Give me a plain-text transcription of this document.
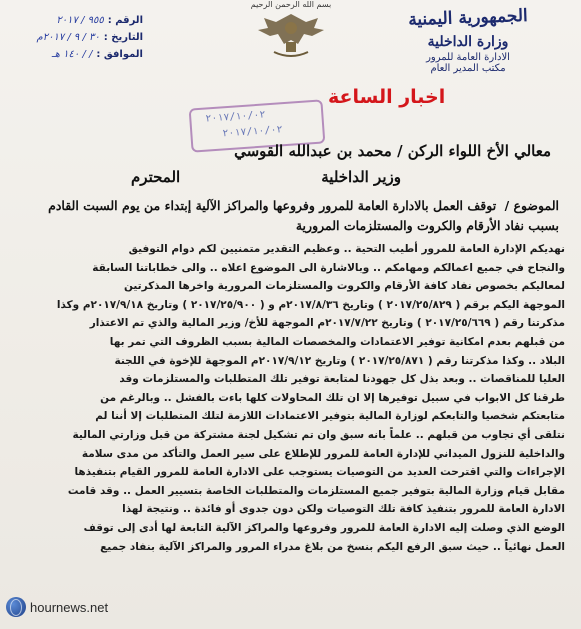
الجمهورية اليمنية
وزارة الداخلية
الادارة العامة للمرور
مكتب المدير العام
بسم الله الرحمن الرحيم
الرقم :
٩٥٥ / ٢٠١٧
التاريخ :
٣٠ / ٩ / ٢٠١٧م
الموافق :
/ / ١٤٠ هـ
اخبار الساعة
٢٠١٧/١٠/٠٢
٢٠١٧/١٠/٠٢
معالي الأخ اللواء الركن / محمد بن عبدالله القوسي
وزير الداخلية
المحترم
الموضوع / توقف العمل بالادارة العامة للمرور وفروعها والمراكز الآلية إبتداء من يوم السبت القادم بسبب نفاد الأرقام والكروت والمستلزمات المرورية

نهديكم الإدارة العامة للمرور أطيب التحية .. وعظيم التقدير متمنيين لكم دوام التوفيق

والنجاح في جميع اعمالكم ومهامكم .. وبالاشارة الى الموضوع اعلاه .. والى خطاباتنا السابقة

لمعاليكم بخصوص نفاد كافة الأرقام والكروت والمستلزمات المرورية واخرها المذكرتين

الموجهة اليكم برقم ( ٢٠١٧/٢٥/٨٢٩ ) وتاريخ ٢٠١٧/٨/٣٦م و ( ٢٠١٧/٢٥/٩٠٠ ) وتاريخ ٢٠١٧/٩/١٨م وكذا

مذكرتنا رقم ( ٢٠١٧/٢٥/٦٦٩ ) وتاريخ ٢٠١٧/٧/٢٢م الموجهة للأخ/ وزير المالية والذي تم الاعتذار

من قبلهم بعدم امكانية توفير الاعتمادات والمخصصات المالية بسبب الظروف التي تمر بها

البلاد .. وكذا مذكرتنا رقم ( ٢٠١٧/٢٥/٨٧١ ) وتاريخ ٢٠١٧/٩/١٢م الموجهة للإخوة في اللجنة

العليا للمناقصات .. وبعد بذل كل جهودنا لمتابعة توفير تلك المتطلبات والمستلزمات وقد

طرقنا كل الابواب في سبيل توفيرها إلا ان تلك المحاولات كلها باءت بالفشل .. وبالرغم من

متابعتكم شخصيا والتابعكم لوزارة المالية بتوفير الاعتمادات اللازمة لتلك المتطلبات إلا أننا لم

نتلقى أي تجاوب من قبلهم .. علماً بانه سبق وان تم تشكيل لجنة مشتركة من قبل وزارتي المالية

والداخلية للنزول الميداني للإدارة العامة للمرور للإطلاع على سير العمل والتأكد من مدى سلامة

الإجراءات والتي اقترحت العديد من التوصيات يستوجب على الادارة العامة للمرور القيام بتنفيذها

مقابل قيام وزارة المالية بتوفير جميع المستلزمات والمتطلبات الخاصة بتسيير العمل .. وقد قامت

الادارة العامة للمرور بتنفيذ كافة تلك التوصيات ولكن دون جدوى أو فائدة .. ونتيجة لهذا

الوضع الذي وصلت إليه الادارة العامة للمرور وفروعها والمراكز الآلية التابعة لها أدى إلى توقف

العمل نهائياً .. حيث سبق الرفع اليكم بنسخ من بلاغ مدراء المرور والمراكز الآلية بنفاد جميع

hournews.net
